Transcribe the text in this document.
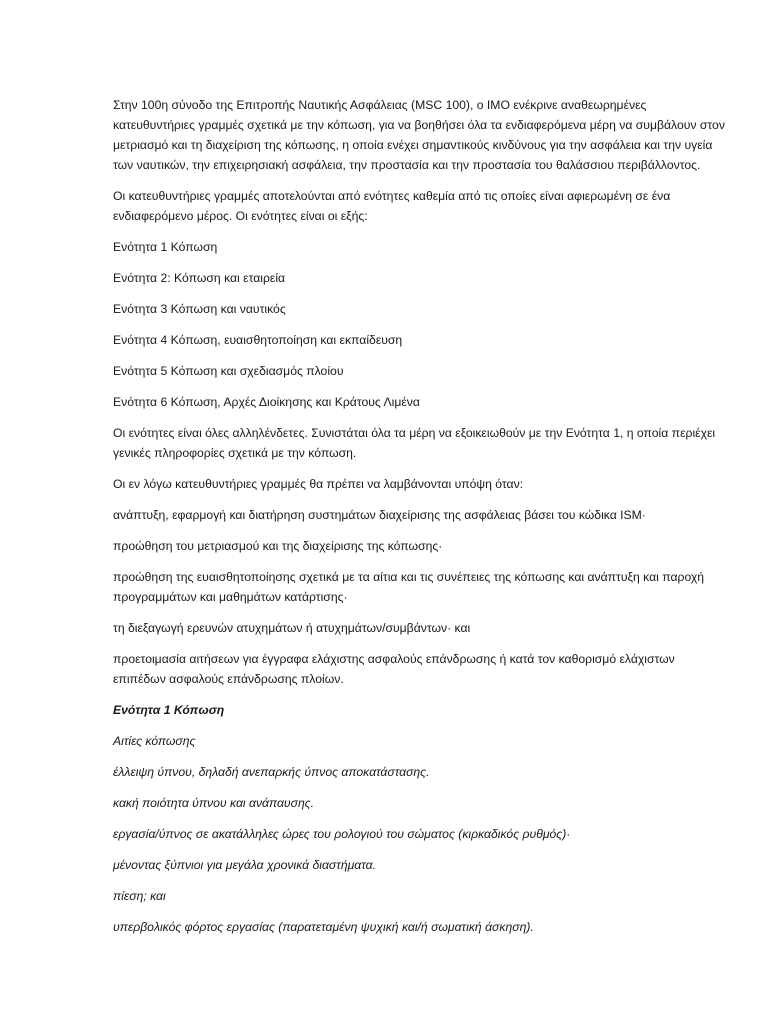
Στην 100η σύνοδο της Επιτροπής Ναυτικής Ασφάλειας (MSC 100), ο IMO ενέκρινε αναθεωρημένες κατευθυντήριες γραμμές σχετικά με την κόπωση, για να βοηθήσει όλα τα ενδιαφερόμενα μέρη να συμβάλουν στον μετριασμό και τη διαχείριση της κόπωσης, η οποία ενέχει σημαντικούς κινδύνους για την ασφάλεια και την υγεία των ναυτικών, την επιχειρησιακή ασφάλεια, την προστασία και την προστασία του θαλάσσιου περιβάλλοντος.

Οι κατευθυντήριες γραμμές αποτελούνται από ενότητες καθεμία από τις οποίες είναι αφιερωμένη σε ένα ενδιαφερόμενο μέρος. Οι ενότητες είναι οι εξής:

Ενότητα 1 Κόπωση

Ενότητα 2: Κόπωση και εταιρεία

Ενότητα 3 Κόπωση και ναυτικός

Ενότητα 4 Κόπωση, ευαισθητοποίηση και εκπαίδευση

Ενότητα 5 Κόπωση και σχεδιασμός πλοίου

Ενότητα 6 Κόπωση, Αρχές Διοίκησης και Κράτους Λιμένα

Οι ενότητες είναι όλες αλληλένδετες. Συνιστάται όλα τα μέρη να εξοικειωθούν με την Ενότητα 1, η οποία περιέχει γενικές πληροφορίες σχετικά με την κόπωση.

Οι εν λόγω κατευθυντήριες γραμμές θα πρέπει να λαμβάνονται υπόψη όταν:

ανάπτυξη, εφαρμογή και διατήρηση συστημάτων διαχείρισης της ασφάλειας βάσει του κώδικα ISM·

προώθηση του μετριασμού και της διαχείρισης της κόπωσης·

προώθηση της ευαισθητοποίησης σχετικά με τα αίτια και τις συνέπειες της κόπωσης και ανάπτυξη και παροχή προγραμμάτων και μαθημάτων κατάρτισης·

τη διεξαγωγή ερευνών ατυχημάτων ή ατυχημάτων/συμβάντων· και

προετοιμασία αιτήσεων για έγγραφα ελάχιστης ασφαλούς επάνδρωσης ή κατά τον καθορισμό ελάχιστων επιπέδων ασφαλούς επάνδρωσης πλοίων.

Ενότητα 1 Κόπωση

Αιτίες κόπωσης

έλλειψη ύπνου, δηλαδή ανεπαρκής ύπνος αποκατάστασης.

κακή ποιότητα ύπνου και ανάπαυσης.

εργασία/ύπνος σε ακατάλληλες ώρες του ρολογιού του σώματος (κιρκαδικός ρυθμός)·

μένοντας ξύπνιοι για μεγάλα χρονικά διαστήματα.

πίεση; και

υπερβολικός φόρτος εργασίας (παρατεταμένη ψυχική και/ή σωματική άσκηση).
